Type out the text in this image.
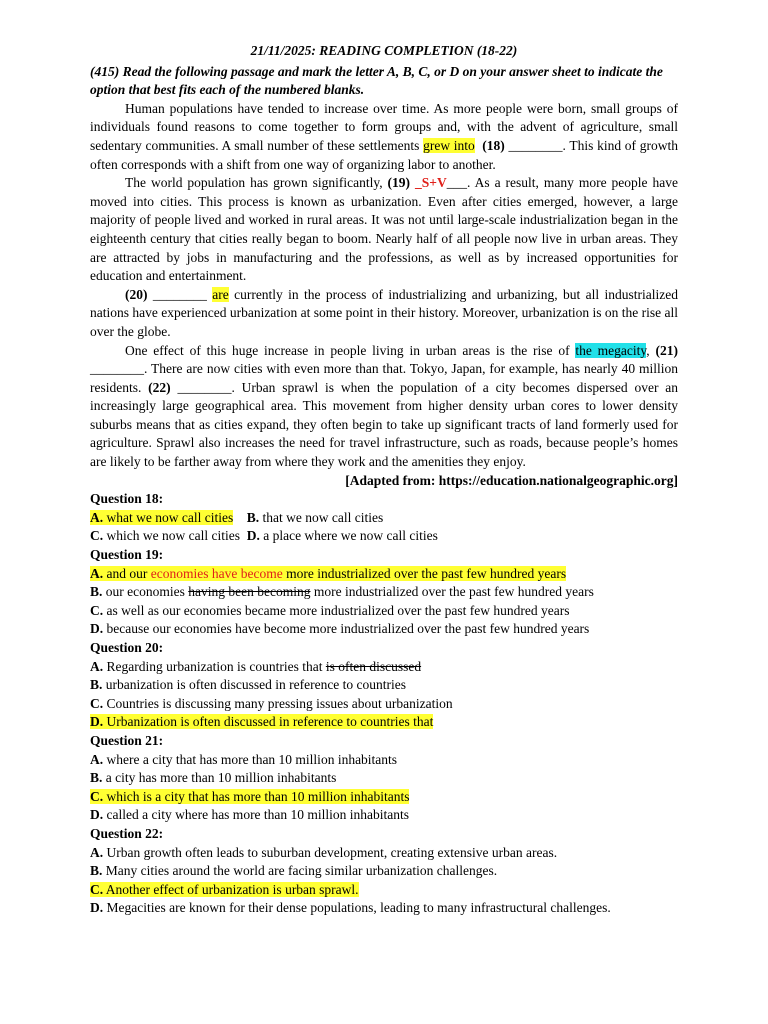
21/11/2025: READING COMPLETION (18-22)

(415) Read the following passage and mark the letter A, B, C, or D on your answer sheet to indicate the option that best fits each of the numbered blanks.

Human populations have tended to increase over time. As more people were born, small groups of individuals found reasons to come together to form groups and, with the advent of agriculture, small sedentary communities. A small number of these settlements grew into (18) ________. This kind of growth often corresponds with a shift from one way of organizing labor to another.

The world population has grown significantly, (19) _S+V___. As a result, many more people have moved into cities. This process is known as urbanization. Even after cities emerged, however, a large majority of people lived and worked in rural areas. It was not until large-scale industrialization began in the eighteenth century that cities really began to boom. Nearly half of all people now live in urban areas. They are attracted by jobs in manufacturing and the professions, as well as by increased opportunities for education and entertainment.

(20) ________ are currently in the process of industrializing and urbanizing, but all industrialized nations have experienced urbanization at some point in their history. Moreover, urbanization is on the rise all over the globe.

One effect of this huge increase in people living in urban areas is the rise of the megacity, (21) ________. There are now cities with even more than that. Tokyo, Japan, for example, has nearly 40 million residents. (22) ________. Urban sprawl is when the population of a city becomes dispersed over an increasingly large geographical area. This movement from higher density urban cores to lower density suburbs means that as cities expand, they often begin to take up significant tracts of land formerly used for agriculture. Sprawl also increases the need for travel infrastructure, such as roads, because people’s homes are likely to be farther away from where they work and the amenities they enjoy.

[Adapted from: https://education.nationalgeographic.org]

Question 18:

A. what we now call cities B. that we now call cities

C. which we now call cities D. a place where we now call cities

Question 19:

A. and our economies have become more industrialized over the past few hundred years

B. our economies having been becoming more industrialized over the past few hundred years

C. as well as our economies became more industrialized over the past few hundred years

D. because our economies have become more industrialized over the past few hundred years

Question 20:

A. Regarding urbanization is countries that is often discussed

B. urbanization is often discussed in reference to countries

C. Countries is discussing many pressing issues about urbanization

D. Urbanization is often discussed in reference to countries that

Question 21:

A. where a city that has more than 10 million inhabitants

B. a city has more than 10 million inhabitants

C. which is a city that has more than 10 million inhabitants

D. called a city where has more than 10 million inhabitants

Question 22:

A. Urban growth often leads to suburban development, creating extensive urban areas.

B. Many cities around the world are facing similar urbanization challenges.

C. Another effect of urbanization is urban sprawl.

D. Megacities are known for their dense populations, leading to many infrastructural challenges.
